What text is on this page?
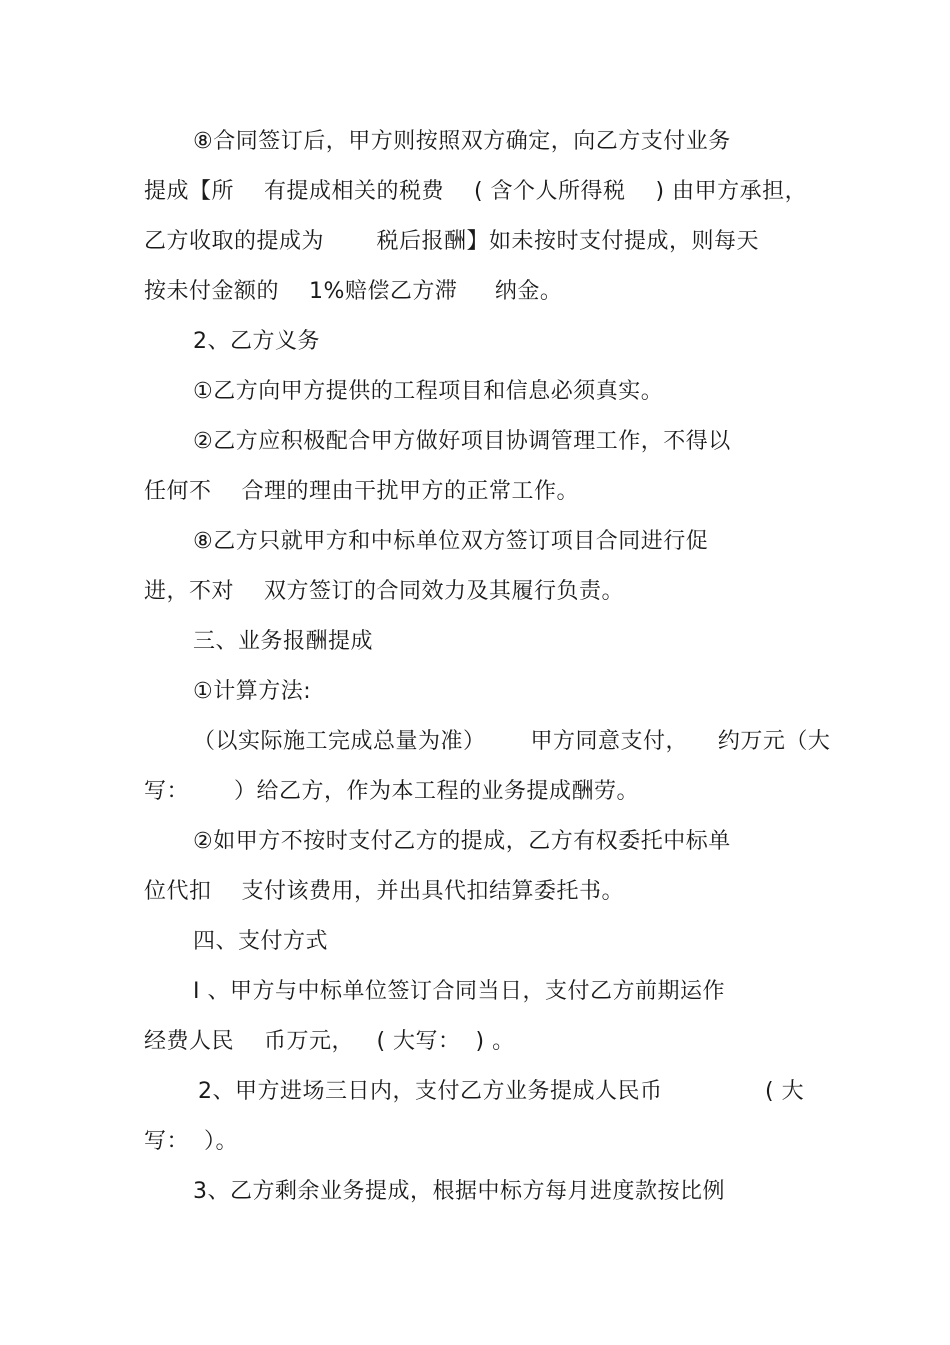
⑧合同签订后，甲方则按照双方确定，向乙方支付业务
提成【所    有提成相关的税费    ( 含个人所得税    ) 由甲方承担，
乙方收取的提成为       税后报酬】如未按时支付提成，则每天
按未付金额的    1%赔偿乙方滞     纳金。
2、乙方义务
①乙方向甲方提供的工程项目和信息必须真实。
②乙方应积极配合甲方做好项目协调管理工作，不得以
任何不    合理的理由干扰甲方的正常工作。
⑧乙方只就甲方和中标单位双方签订项目合同进行促
进，不对    双方签订的合同效力及其履行负责。
三、业务报酬提成
①计算方法:
（以实际施工完成总量为准）      甲方同意支付，    约万元（大
写：      ）给乙方，作为本工程的业务提成酬劳。
②如甲方不按时支付乙方的提成，乙方有权委托中标单
位代扣    支付该费用，并出具代扣结算委托书。
四、支付方式
I 、甲方与中标单位签订合同当日，支付乙方前期运作
经费人民    币万元，   ( 大写：  ) 。
2、甲方进场三日内，支付乙方业务提成人民币	( 大
写：  ）。
3、乙方剩余业务提成，根据中标方每月进度款按比例
